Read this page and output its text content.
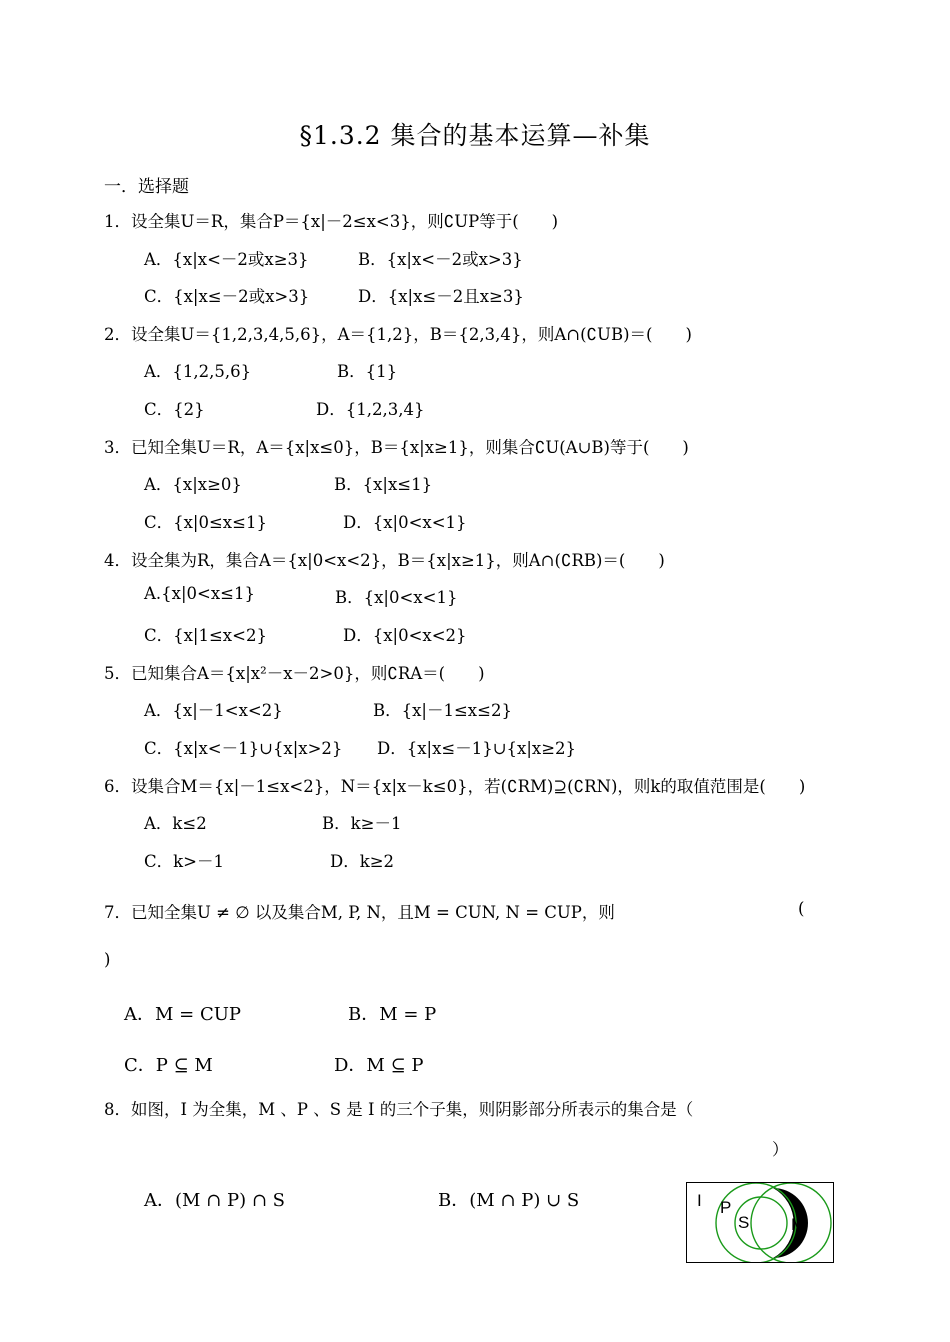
§1.3.2 集合的基本运算—补集
一．选择题
1．设全集U＝R，集合P＝{x|－2≤x<3}，则∁UP等于(　　)
A．{x|x<－2或x≥3}	B．{x|x<－2或x>3}
C．{x|x≤－2或x>3}	D．{x|x≤－2且x≥3}
2．设全集U＝{1,2,3,4,5,6}，A＝{1,2}，B＝{2,3,4}，则A∩(∁UB)＝(　　)
A．{1,2,5,6}	B．{1}
C．{2}	D．{1,2,3,4}
3．已知全集U＝R，A＝{x|x≤0}，B＝{x|x≥1}，则集合∁U(A∪B)等于(　　)
A．{x|x≥0}	B．{x|x≤1}
C．{x|0≤x≤1}	D．{x|0<x<1}
4．设全集为R，集合A＝{x|0<x<2}，B＝{x|x≥1}，则A∩(∁RB)＝(　　)
A.{x|0<x≤1}	B．{x|0<x<1}
C．{x|1≤x<2}	D．{x|0<x<2}
5．已知集合A＝{x|x²－x－2>0}，则∁RA＝(　　)
A．{x|－1<x<2}	B．{x|－1≤x≤2}
C．{x|x<－1}∪{x|x>2} D．{x|x≤－1}∪{x|x≥2}
6．设集合M＝{x|－1≤x<2}，N＝{x|x－k≤0}，若(∁RM)⊇(∁RN)，则k的取值范围是(　　)
A．k≤2	B．k≥－1
C．k>－1	D．k≥2
7．已知全集U ≠ ∅ 以及集合M, P, N，且M = CUN, N = CUP，则	(
)
A．M = CUP	B．M = P
C．P ⊆ M	D．M ⊆ P
8．如图，I 为全集，M 、P 、S 是 I 的三个子集，则阴影部分所表示的集合是（
）
A．(M ∩ P) ∩ S	B．(M ∩ P) ∪ S	I P
S M
